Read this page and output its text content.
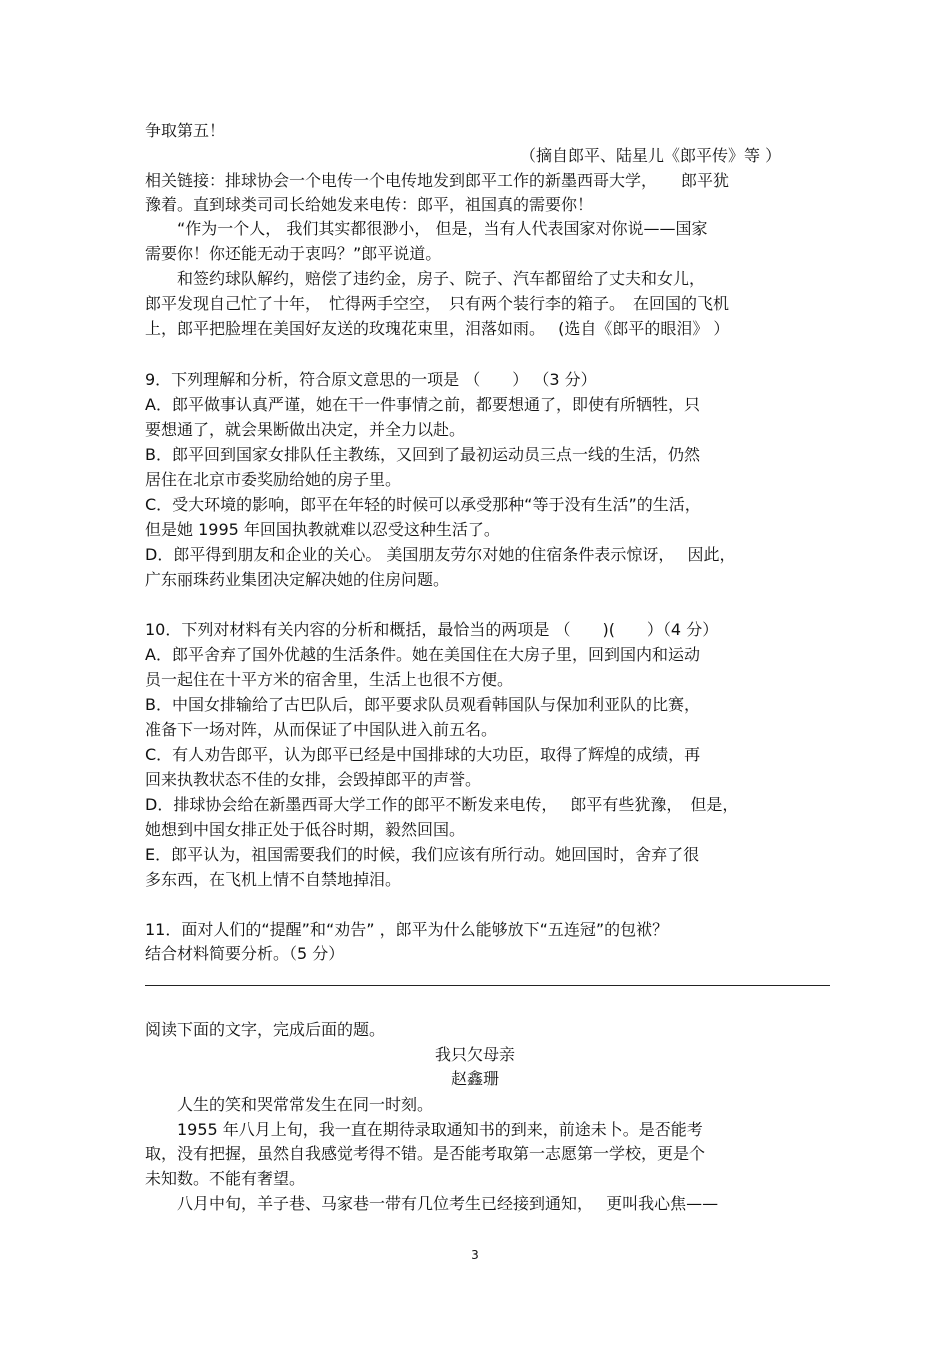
争取第五！
（摘自郎平、陆星儿《郎平传》等 ）
相关链接：排球协会一个电传一个电传地发到郎平工作的新墨西哥大学，　　郎平犹
豫着。直到球类司司长给她发来电传：郎平，祖国真的需要你！
　　“作为一个人， 我们其实都很渺小， 但是，当有人代表国家对你说——国家
需要你！你还能无动于衷吗？”郎平说道。
　　和签约球队解约，赔偿了违约金，房子、院子、汽车都留给了丈夫和女儿，
郎平发现自己忙了十年，　忙得两手空空，　只有两个装行李的箱子。　在回国的飞机
上，郎平把脸埋在美国好友送的玫瑰花束里，泪落如雨。　 (选自《郎平的眼泪》 ）
9．下列理解和分析，符合原文意思的一项是 （　　） （3 分）
A．郎平做事认真严谨，她在干一件事情之前，都要想通了，即使有所牺牲，只
要想通了，就会果断做出决定，并全力以赴。
B．郎平回到国家女排队任主教练，又回到了最初运动员三点一线的生活，仍然
居住在北京市委奖励给她的房子里。
C．受大环境的影响，郎平在年轻的时候可以承受那种“等于没有生活”的生活，
但是她 1995 年回国执教就难以忍受这种生活了。
D．郎平得到朋友和企业的关心。 美国朋友劳尔对她的住宿条件表示惊讶，　 因此，
广东丽珠药业集团决定解决她的住房问题。
10．下列对材料有关内容的分析和概括，最恰当的两项是 （　　)(　　）（4 分）
A．郎平舍弃了国外优越的生活条件。她在美国住在大房子里，回到国内和运动
员一起住在十平方米的宿舍里，生活上也很不方便。
B．中国女排输给了古巴队后，郎平要求队员观看韩国队与保加利亚队的比赛，
准备下一场对阵，从而保证了中国队进入前五名。
C．有人劝告郎平，认为郎平已经是中国排球的大功臣，取得了辉煌的成绩，再
回来执教状态不佳的女排，会毁掉郎平的声誉。
D．排球协会给在新墨西哥大学工作的郎平不断发来电传，　 郎平有些犹豫，　但是，
她想到中国女排正处于低谷时期，毅然回国。
E．郎平认为，祖国需要我们的时候，我们应该有所行动。她回国时，舍弃了很
多东西，在飞机上情不自禁地掉泪。
11．面对人们的“提醒”和“劝告” ，郎平为什么能够放下“五连冠”的包袱？
结合材料简要分析。（5 分）
阅读下面的文字，完成后面的题。
我只欠母亲
赵鑫珊
　　人生的笑和哭常常发生在同一时刻。
　　1955 年八月上旬，我一直在期待录取通知书的到来，前途未卜。是否能考
取，没有把握，虽然自我感觉考得不错。是否能考取第一志愿第一学校，更是个
未知数。不能有奢望。
　　八月中旬，羊子巷、马家巷一带有几位考生已经接到通知，　 更叫我心焦——
3
